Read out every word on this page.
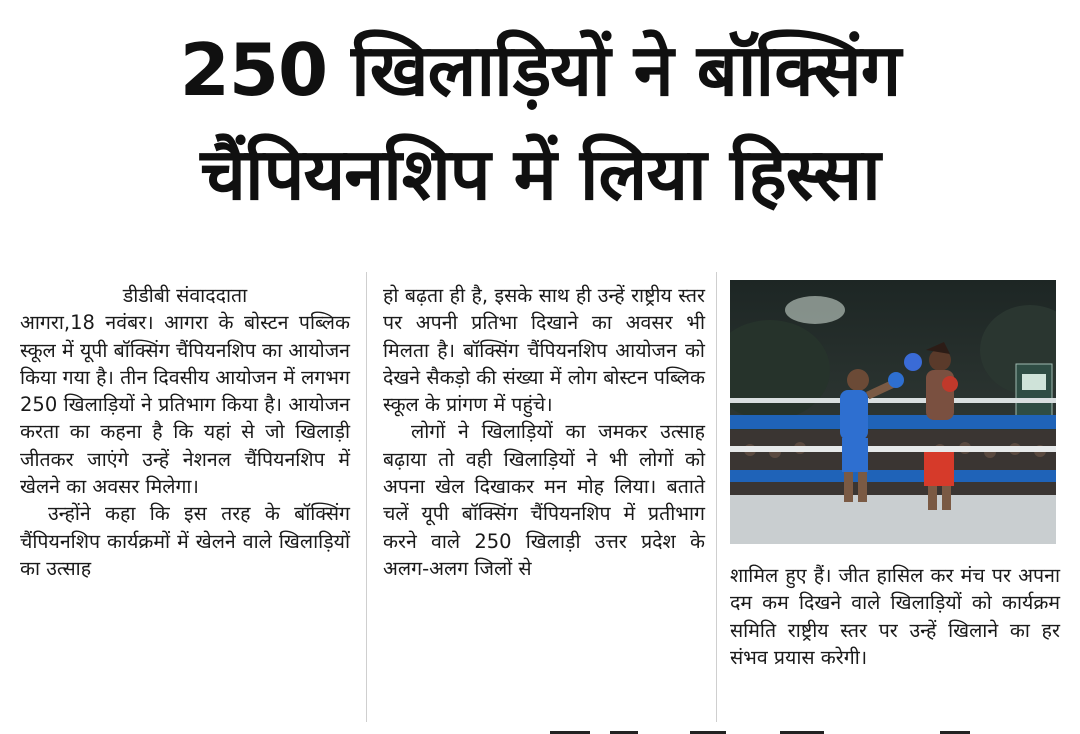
250 खिलाड़ियों ने बॉक्सिंग
चैंपियनशिप में लिया हिस्सा

डीडीबी संवाददाता

आगरा,18 नवंबर। आगरा के बोस्टन पब्लिक स्कूल में यूपी बॉक्सिंग चैंपियनशिप का आयोजन किया गया है। तीन दिवसीय आयोजन में लगभग 250 खिलाड़ियों ने प्रतिभाग किया है। आयोजन करता का कहना है कि यहां से जो खिलाड़ी जीतकर जाएंगे उन्हें नेशनल चैंपियनशिप में खेलने का अवसर मिलेगा।

उन्होंने कहा कि इस तरह के बॉक्सिंग चैंपियनशिप कार्यक्रमों में खेलने वाले खिलाड़ियों का उत्साह

हो बढ़ता ही है, इसके साथ ही उन्हें राष्ट्रीय स्तर पर अपनी प्रतिभा दिखाने का अवसर भी मिलता है। बॉक्सिंग चैंपियनशिप आयोजन को देखने सैकड़ो की संख्या में लोग बोस्टन पब्लिक स्कूल के प्रांगण में पहुंचे।

लोगों ने खिलाड़ियों का जमकर उत्साह बढ़ाया तो वही खिलाड़ियों ने भी लोगों को अपना खेल दिखाकर मन मोह लिया। बताते चलें यूपी बॉक्सिंग चैंपियनशिप में प्रतीभाग करने वाले 250 खिलाड़ी उत्तर प्रदेश के अलग-अलग जिलों से	शामिल हुए हैं। जीत हासिल कर मंच पर अपना दम कम दिखने वाले खिलाड़ियों को कार्यक्रम समिति राष्ट्रीय स्तर पर उन्हें खिलाने का हर संभव प्रयास करेगी।
